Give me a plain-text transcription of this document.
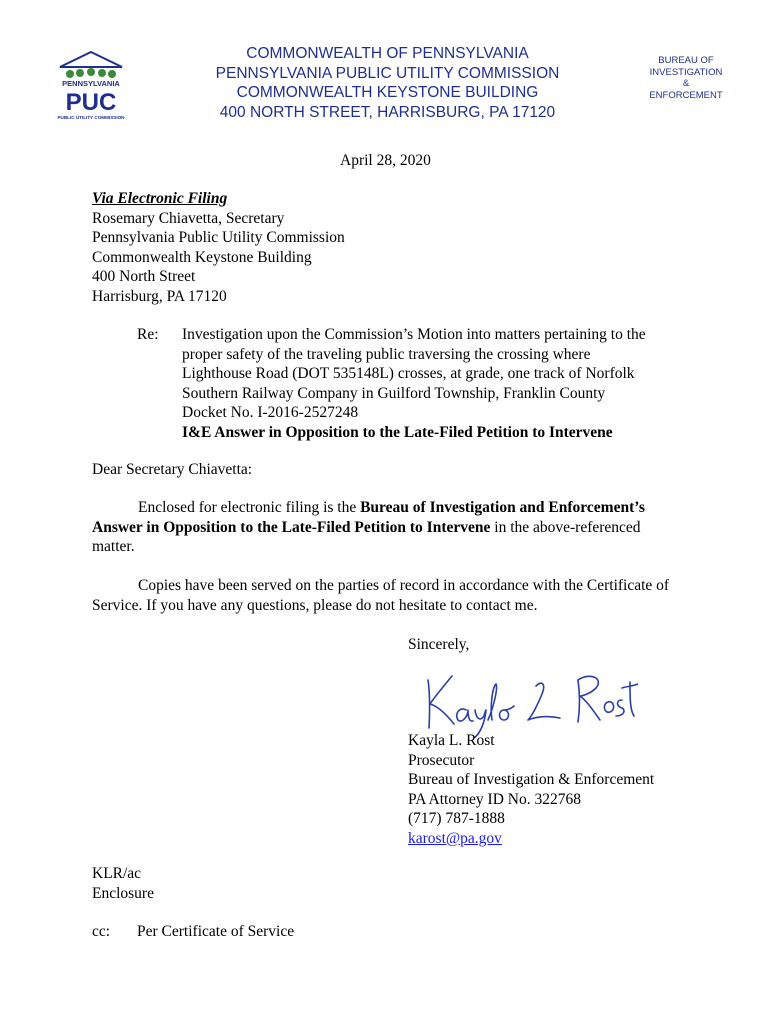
PENNSYLVANIA
PUC
PUBLIC UTILITY COMMISSION
COMMONWEALTH OF PENNSYLVANIA
PENNSYLVANIA PUBLIC UTILITY COMMISSION
COMMONWEALTH KEYSTONE BUILDING
400 NORTH STREET, HARRISBURG, PA 17120
BUREAU OF
INVESTIGATION
&
ENFORCEMENT
April 28, 2020
Via Electronic Filing
Rosemary Chiavetta, Secretary
Pennsylvania Public Utility Commission
Commonwealth Keystone Building
400 North Street
Harrisburg, PA 17120
Re: Investigation upon the Commission’s Motion into matters pertaining to the
proper safety of the traveling public traversing the crossing where
Lighthouse Road (DOT 535148L) crosses, at grade, one track of Norfolk
Southern Railway Company in Guilford Township, Franklin County
Docket No. I-2016-2527248
I&E Answer in Opposition to the Late-Filed Petition to Intervene
Dear Secretary Chiavetta:
Enclosed for electronic filing is the Bureau of Investigation and Enforcement’s Answer in Opposition to the Late-Filed Petition to Intervene in the above-referenced matter.
Copies have been served on the parties of record in accordance with the Certificate of Service. If you have any questions, please do not hesitate to contact me.
Sincerely,
Kayla L. Rost
Prosecutor
Bureau of Investigation & Enforcement
PA Attorney ID No. 322768
(717) 787-1888
karost@pa.gov
KLR/ac
Enclosure
cc: Per Certificate of Service
